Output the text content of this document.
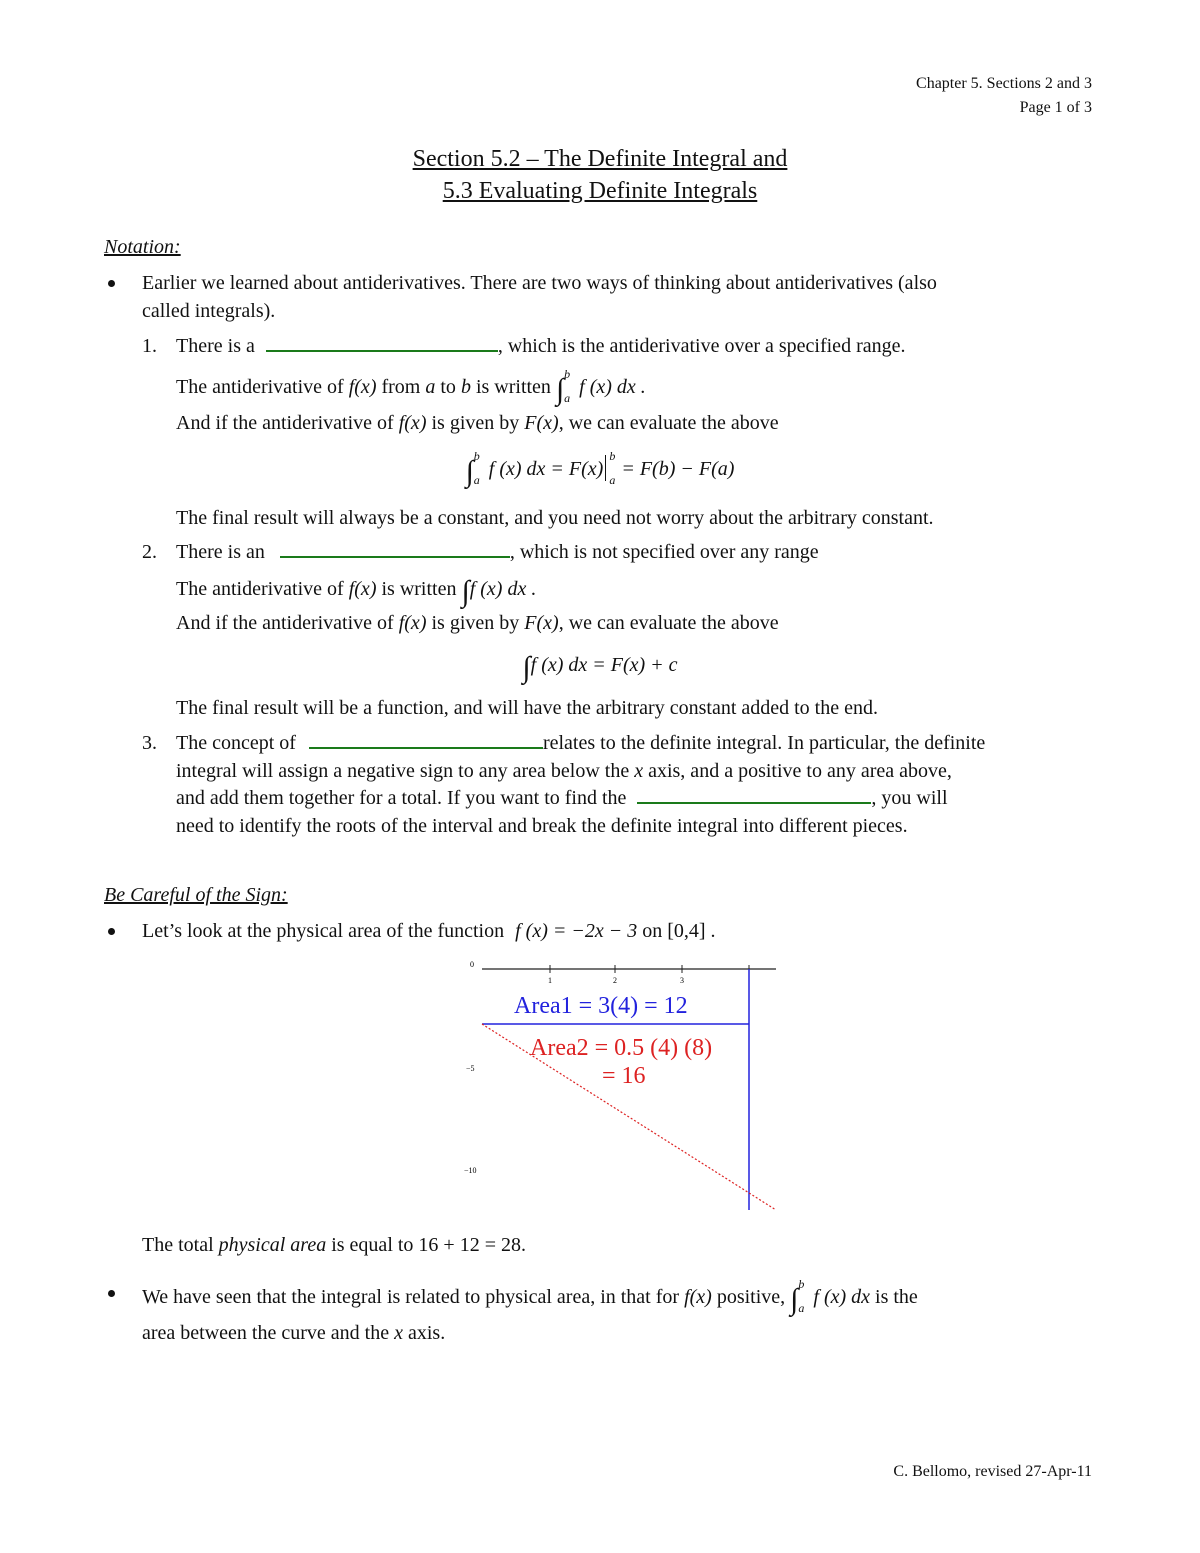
Chapter 5. Sections 2 and 3
Page 1 of 3
Section 5.2 – The Definite Integral and
5.3 Evaluating Definite Integrals
Notation:
Earlier we learned about antiderivatives. There are two ways of thinking about antiderivatives (also
called integrals).
1. There is a	, which is the antiderivative over a specified range.
The antiderivative of f(x) from a to b is written ∫ b
a f (x) dx .
And if the antiderivative of f(x) is given by F(x), we can evaluate the above
∫ b
a f (x) dx = F(x)
b
a = F(b) − F(a)
The final result will always be a constant, and you need not worry about the arbitrary constant.
2. There is an	, which is not specified over any range
The antiderivative of f(x) is written ∫f (x) dx .
And if the antiderivative of f(x) is given by F(x), we can evaluate the above
∫f (x) dx = F(x) + c
The final result will be a function, and will have the arbitrary constant added to the end.
3. The concept of	relates to the definite integral. In particular, the definite
integral will assign a negative sign to any area below the x axis, and a positive to any area above,
and add them together for a total. If you want to find the	, you will
need to identify the roots of the interval and break the definite integral into different pieces.
Be Careful of the Sign:
Let’s look at the physical area of the function f (x) = −2x − 3 on [0,4] .
1	2	3
0
−5
−10
Area1 = 3(4) = 12
Area2 = 0.5 (4) (8)
= 16
The total physical area is equal to 16 + 12 = 28.
We have seen that the integral is related to physical area, in that for f(x) positive, ∫ b
a f (x) dx is the
area between the curve and the x axis.
C. Bellomo, revised 27-Apr-11
